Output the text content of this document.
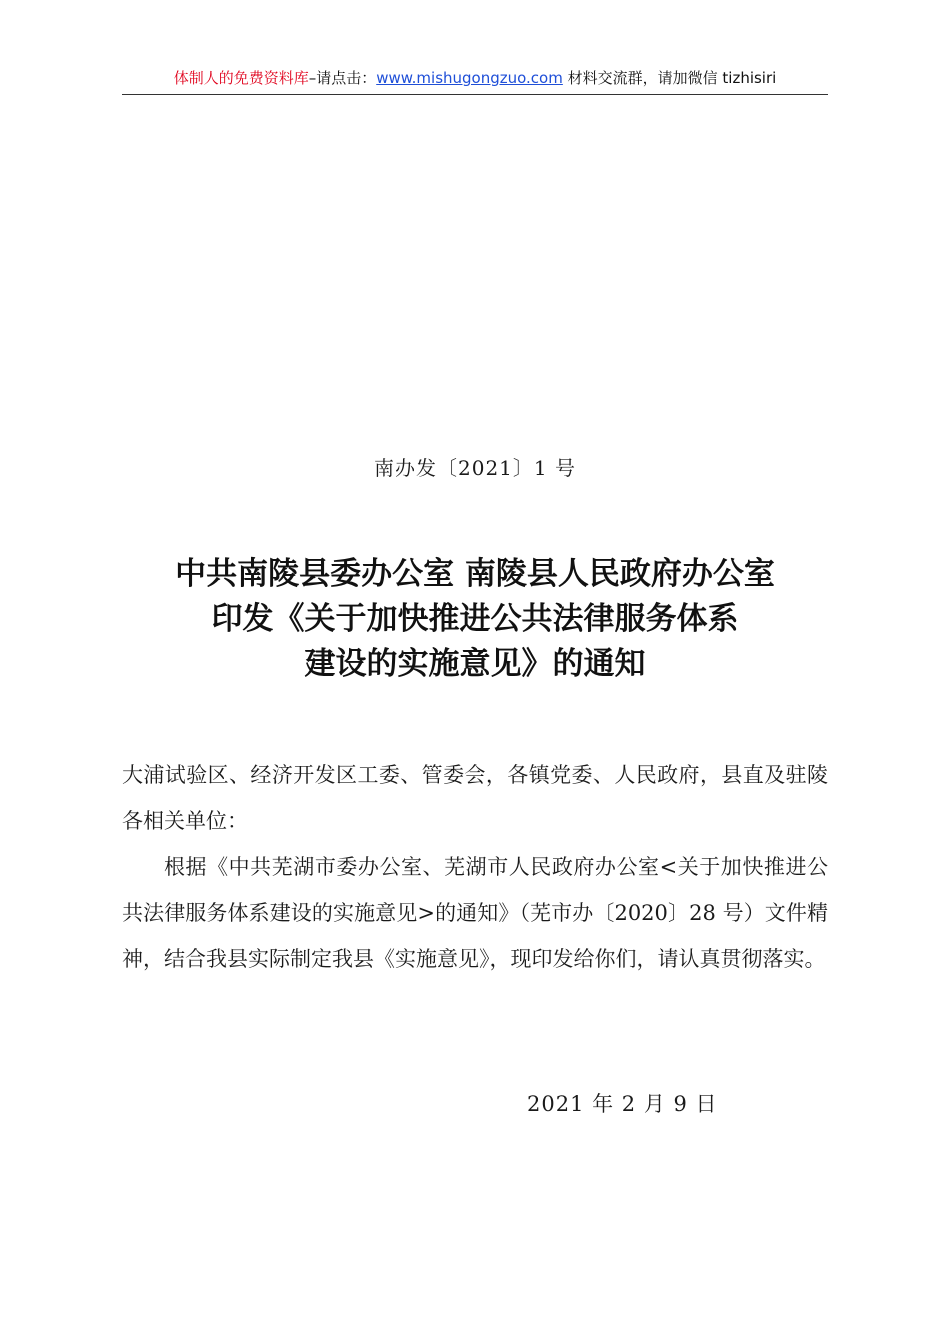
体制人的免费资料库–请点击：www.mishugongzuo.com 材料交流群，请加微信 tizhisiri
南办发〔2021〕1 号
中共南陵县委办公室 南陵县人民政府办公室
印发《关于加快推进公共法律服务体系
建设的实施意见》的通知

大浦试验区、经济开发区工委、管委会，各镇党委、人民政府，县直及驻陵各相关单位：

根据《中共芜湖市委办公室、芜湖市人民政府办公室<关于加快推进公共法律服务体系建设的实施意见>的通知》（芜市办〔2020〕28 号）文件精神，结合我县实际制定我县《实施意见》，现印发给你们，请认真贯彻落实。

2021 年 2 月 9 日
